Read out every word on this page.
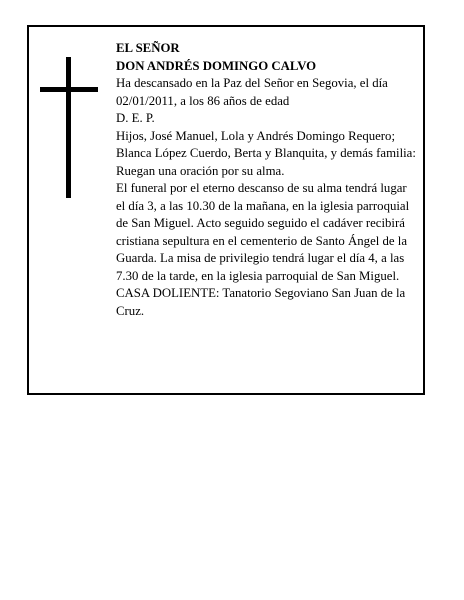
EL SEÑOR

DON ANDRÉS DOMINGO CALVO

Ha descansado en la Paz del Señor en Segovia, el día 02/01/2011, a los 86 años de edad

D. E. P.

Hijos, José Manuel, Lola y Andrés Domingo Requero; Blanca López Cuerdo, Berta y Blanquita, y demás familia:

Ruegan una oración por su alma.

El funeral por el eterno descanso de su alma tendrá lugar el día 3, a las 10.30 de la mañana, en la iglesia parroquial de San Miguel. Acto seguido seguido el cadáver recibirá cristiana sepultura en el cementerio de Santo Ángel de la Guarda. La misa de privilegio tendrá lugar el día 4, a las 7.30 de la tarde, en la iglesia parroquial de San Miguel.

CASA DOLIENTE: Tanatorio Segoviano San Juan de la Cruz.
